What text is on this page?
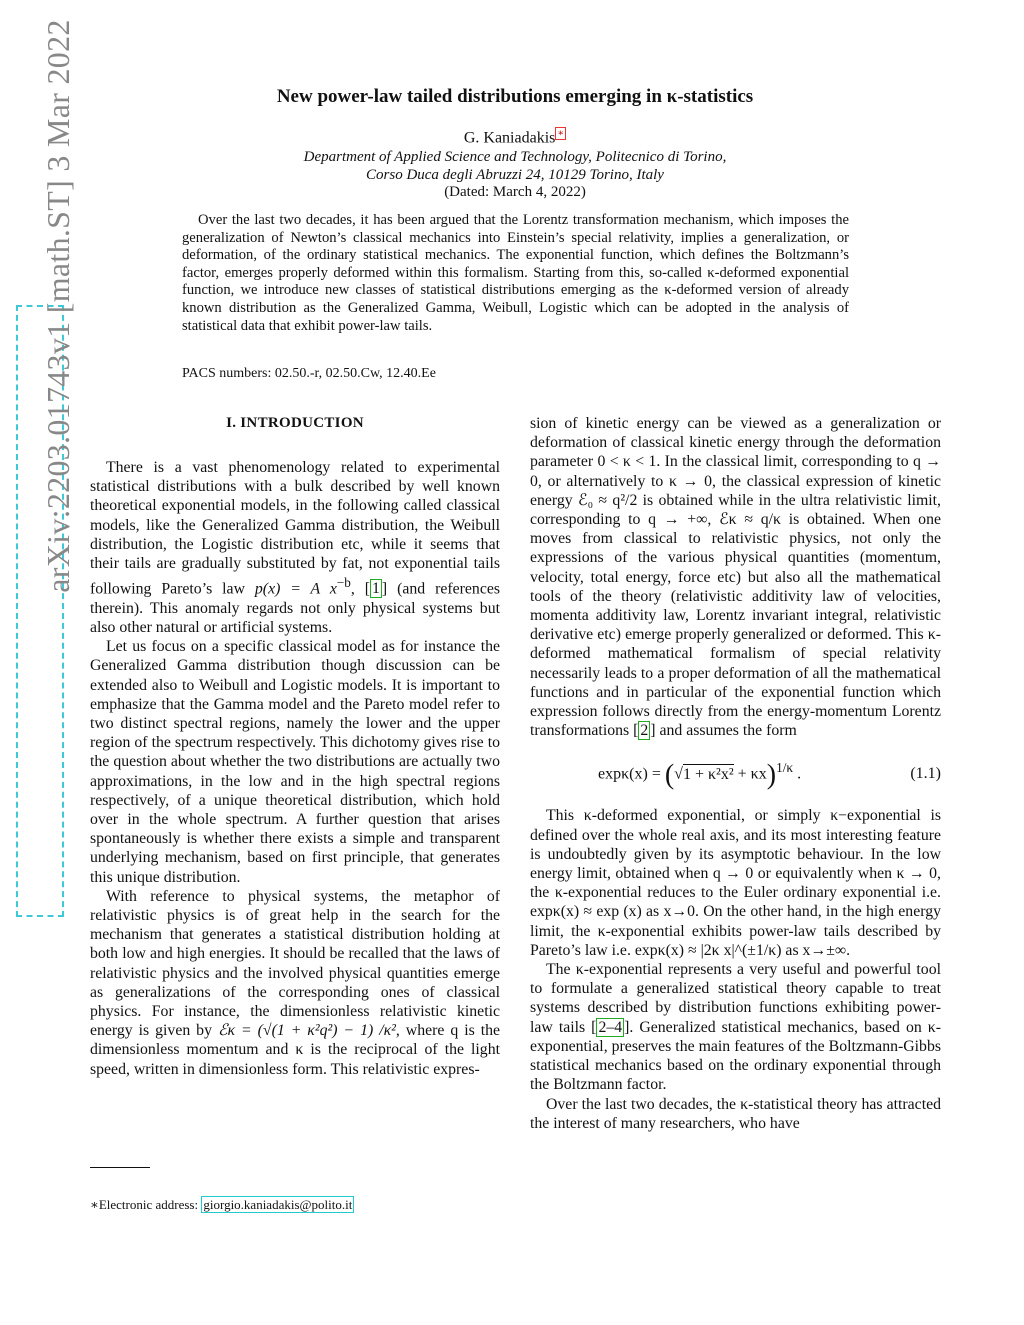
arXiv:2203.01743v1 [math.ST] 3 Mar 2022	New power-law tailed distributions emerging in κ-statistics
G. Kaniadakis ∗
Department of Applied Science and Technology, Politecnico di Torino,
Corso Duca degli Abruzzi 24, 10129 Torino, Italy
(Dated: March 4, 2022)

Over the last two decades, it has been argued that the Lorentz transformation mechanism, which imposes the generalization of Newton’s classical mechanics into Einstein’s special relativity, implies a generalization, or deformation, of the ordinary statistical mechanics. The exponential function, which defines the Boltzmann’s factor, emerges properly deformed within this formalism. Starting from this, so-called κ-deformed exponential function, we introduce new classes of statistical distributions emerging as the κ-deformed version of already known distribution as the Generalized Gamma, Weibull, Logistic which can be adopted in the analysis of statistical data that exhibit power-law tails.

PACS numbers: 02.50.-r, 02.50.Cw, 12.40.Ee
I. INTRODUCTION

There is a vast phenomenology related to experimental statistical distributions with a bulk described by well known theoretical exponential models, in the following called classical models, like the Generalized Gamma distribution, the Weibull distribution, the Logistic distribution etc, while it seems that their tails are gradually substituted by fat, not exponential tails following Pareto’s law p(x) = A $x^{-b}$, [ 1 ] (and references therein). This anomaly regards not only physical systems but also other natural or artificial systems.

Let us focus on a specific classical model as for instance the Generalized Gamma distribution though discussion can be extended also to Weibull and Logistic models. It is important to emphasize that the Gamma model and the Pareto model refer to two distinct spectral regions, namely the lower and the upper region of the spectrum respectively. This dichotomy gives rise to the question about whether the two distributions are actually two approximations, in the low and in the high spectral regions respectively, of a unique theoretical distribution, which hold over in the whole spectrum. A further question that arises spontaneously is whether there exists a simple and transparent underlying mechanism, based on first principle, that generates this unique distribution.

With reference to physical systems, the metaphor of relativistic physics is of great help in the search for the mechanism that generates a statistical distribution holding at both low and high energies. It should be recalled that the laws of relativistic physics and the involved physical quantities emerge as generalizations of the corresponding ones of classical physics. For instance, the dimensionless relativistic kinetic energy is given by ℰκ = (√(1 + κ²q²) − 1) /κ², where q is the dimensionless momentum and κ is the reciprocal of the light speed, written in dimensionless form. This relativistic expres-

sion of kinetic energy can be viewed as a generalization or deformation of classical kinetic energy through the deformation parameter 0 < κ < 1. In the classical limit, corresponding to q → 0, or alternatively to κ → 0, the classical expression of kinetic energy ℰ₀ ≈ q²/2 is obtained while in the ultra relativistic limit, corresponding to q → +∞, ℰκ ≈ q/κ is obtained. When one moves from classical to relativistic physics, not only the expressions of the various physical quantities (momentum, velocity, total energy, force etc) but also all the mathematical tools of the theory (relativistic additivity law of velocities, momenta additivity law, Lorentz invariant integral, relativistic derivative etc) emerge properly generalized or deformed. This κ-deformed mathematical formalism of special relativity necessarily leads to a proper deformation of all the mathematical functions and in particular of the exponential function which expression follows directly from the energy-momentum Lorentz transformations [ 2 ] and assumes the form

$\exp\kappa(x) = (√1 + \kappa^2x^2 + \kappa x)^{1/\kappa}$ .	(1.1)

This κ-deformed exponential, or simply κ−exponential is defined over the whole real axis, and its most interesting feature is undoubtedly given by its asymptotic behaviour. In the low energy limit, obtained when q → 0 or equivalently when κ → 0, the κ-exponential reduces to the Euler ordinary exponential i.e. expκ(x) ≈ exp (x) as x→0. On the other hand, in the high energy limit, the κ-exponential exhibits power-law tails described by Pareto’s law i.e. expκ(x) ≈ |2κ x|^(±1/κ) as x→±∞.

The κ-exponential represents a very useful and powerful tool to formulate a generalized statistical theory capable to treat systems described by distribution functions exhibiting power-law tails [ 2–4 ]. Generalized statistical mechanics, based on κ-exponential, preserves the main features of the Boltzmann-Gibbs statistical mechanics based on the ordinary exponential through the Boltzmann factor.

Over the last two decades, the κ-statistical theory has attracted the interest of many researchers, who have

∗Electronic address: giorgio.kaniadakis@polito.it
